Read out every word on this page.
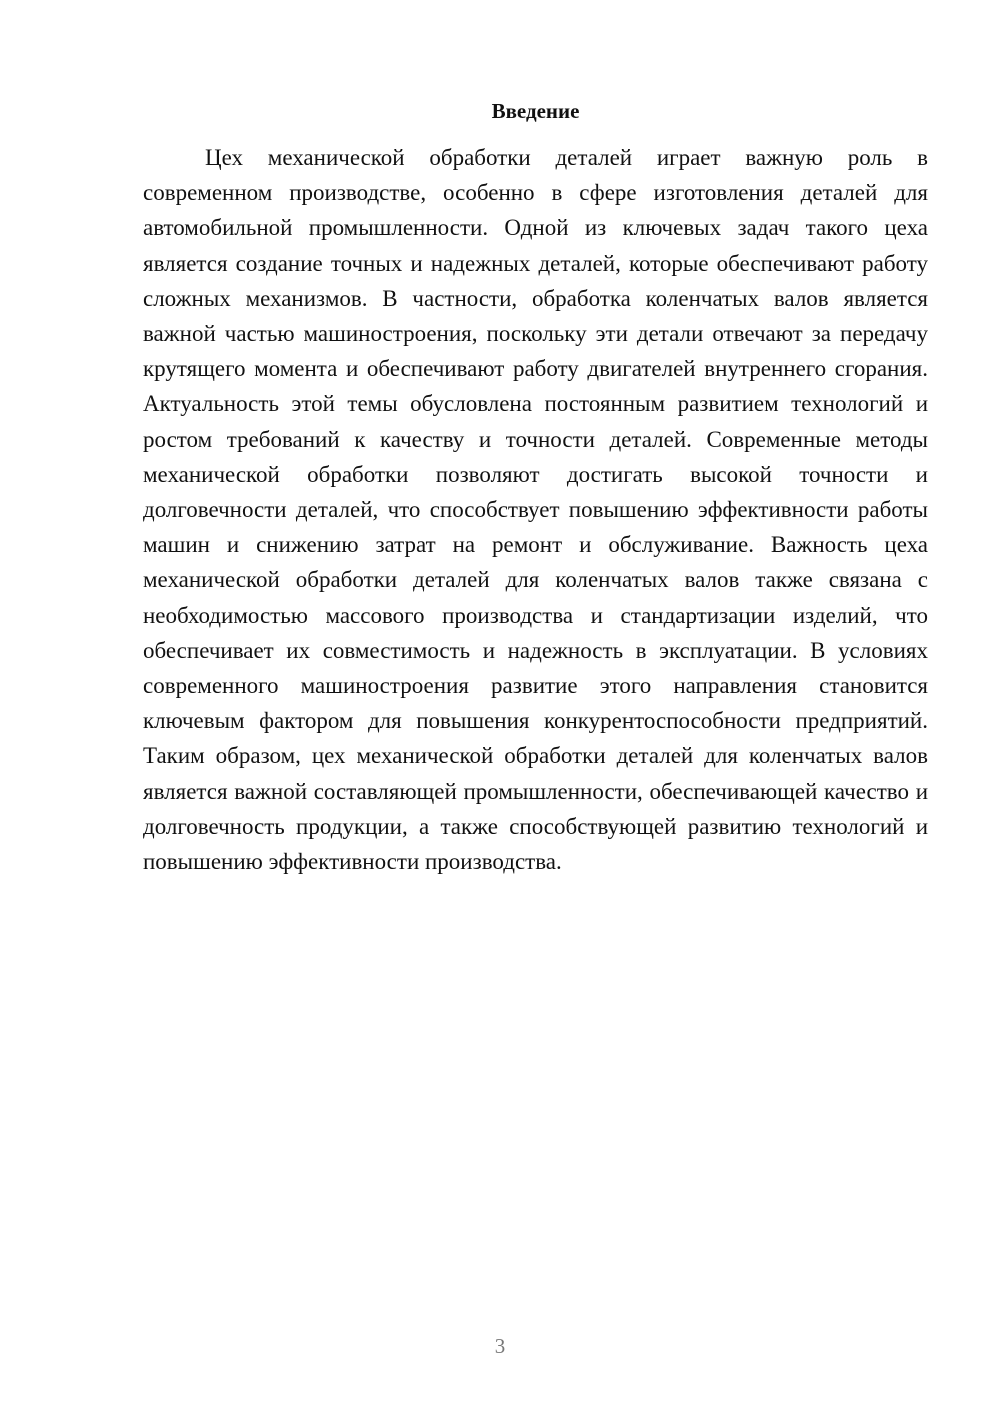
Введение

Цех механической обработки деталей играет важную роль в современном производстве, особенно в сфере изготовления деталей для автомобильной промышленности. Одной из ключевых задач такого цеха является создание точных и надежных деталей, которые обеспечивают работу сложных механизмов. В частности, обработка коленчатых валов является важной частью машиностроения, поскольку эти детали отвечают за передачу крутящего момента и обеспечивают работу двигателей внутреннего сгорания. Актуальность этой темы обусловлена постоянным развитием технологий и ростом требований к качеству и точности деталей. Современные методы механической обработки позволяют достигать высокой точности и долговечности деталей, что способствует повышению эффективности работы машин и снижению затрат на ремонт и обслуживание. Важность цеха механической обработки деталей для коленчатых валов также связана с необходимостью массового производства и стандартизации изделий, что обеспечивает их совместимость и надежность в эксплуатации. В условиях современного машиностроения развитие этого направления становится ключевым фактором для повышения конкурентоспособности предприятий. Таким образом, цех механической обработки деталей для коленчатых валов является важной составляющей промышленности, обеспечивающей качество и долговечность продукции, а также способствующей развитию технологий и повышению эффективности производства.

3
